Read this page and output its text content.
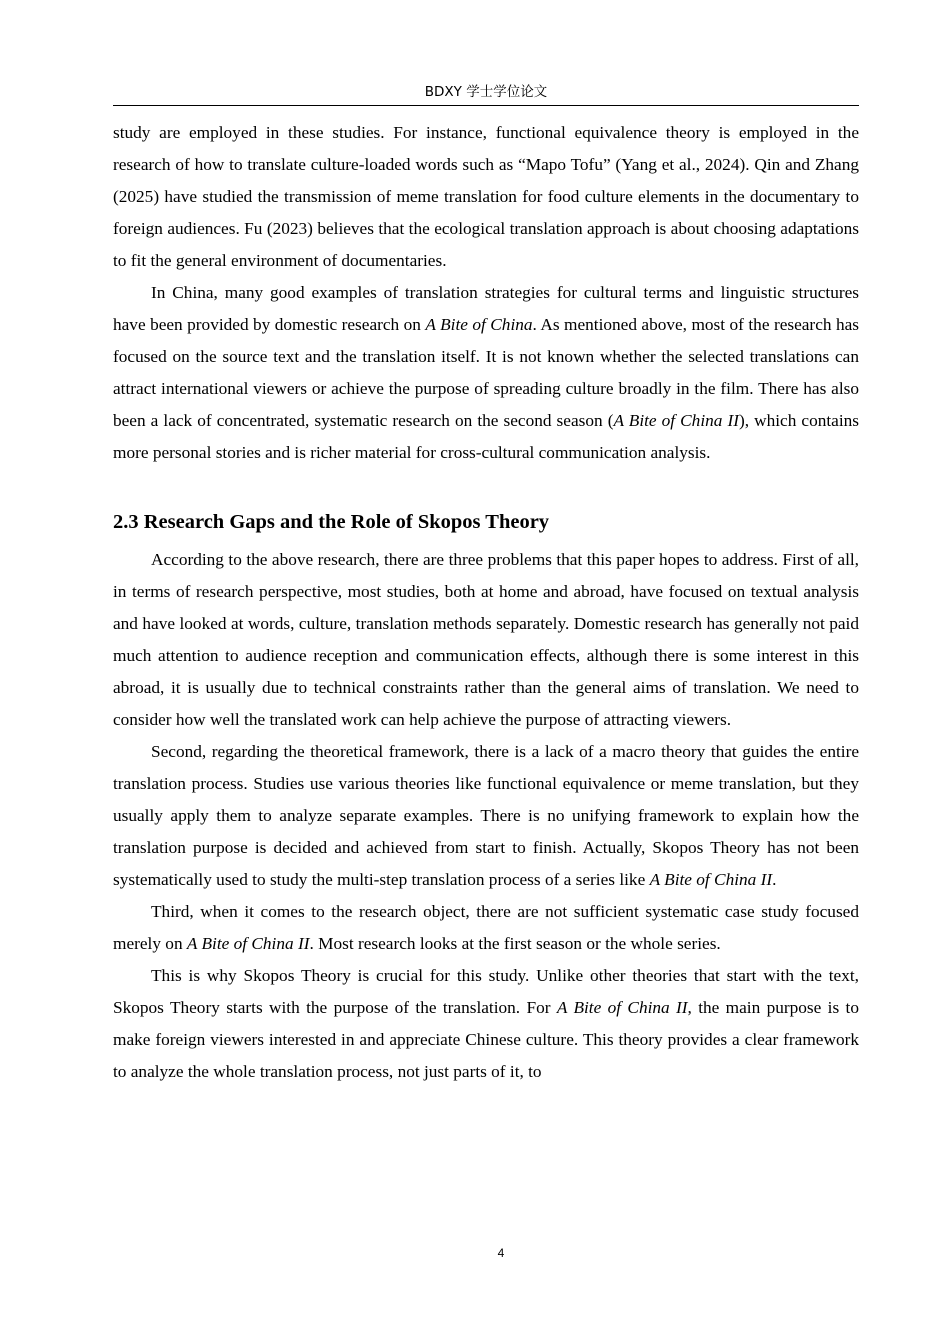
BDXY 学士学位论文

study are employed in these studies. For instance, functional equivalence theory is employed in the research of how to translate culture-loaded words such as “Mapo Tofu” (Yang et al., 2024). Qin and Zhang (2025) have studied the transmission of meme translation for food culture elements in the documentary to foreign audiences. Fu (2023) believes that the ecological translation approach is about choosing adaptations to fit the general environment of documentaries.

In China, many good examples of translation strategies for cultural terms and linguistic structures have been provided by domestic research on A Bite of China. As mentioned above, most of the research has focused on the source text and the translation itself. It is not known whether the selected translations can attract international viewers or achieve the purpose of spreading culture broadly in the film. There has also been a lack of concentrated, systematic research on the second season (A Bite of China II), which contains more personal stories and is richer material for cross-cultural communication analysis.

2.3 Research Gaps and the Role of Skopos Theory

According to the above research, there are three problems that this paper hopes to address. First of all, in terms of research perspective, most studies, both at home and abroad, have focused on textual analysis and have looked at words, culture, translation methods separately. Domestic research has generally not paid much attention to audience reception and communication effects, although there is some interest in this abroad, it is usually due to technical constraints rather than the general aims of translation. We need to consider how well the translated work can help achieve the purpose of attracting viewers.

Second, regarding the theoretical framework, there is a lack of a macro theory that guides the entire translation process. Studies use various theories like functional equivalence or meme translation, but they usually apply them to analyze separate examples. There is no unifying framework to explain how the translation purpose is decided and achieved from start to finish. Actually, Skopos Theory has not been systematically used to study the multi-step translation process of a series like A Bite of China II.

Third, when it comes to the research object, there are not sufficient systematic case study focused merely on A Bite of China II. Most research looks at the first season or the whole series.

This is why Skopos Theory is crucial for this study. Unlike other theories that start with the text, Skopos Theory starts with the purpose of the translation. For A Bite of China II, the main purpose is to make foreign viewers interested in and appreciate Chinese culture. This theory provides a clear framework to analyze the whole translation process, not just parts of it, to

4
